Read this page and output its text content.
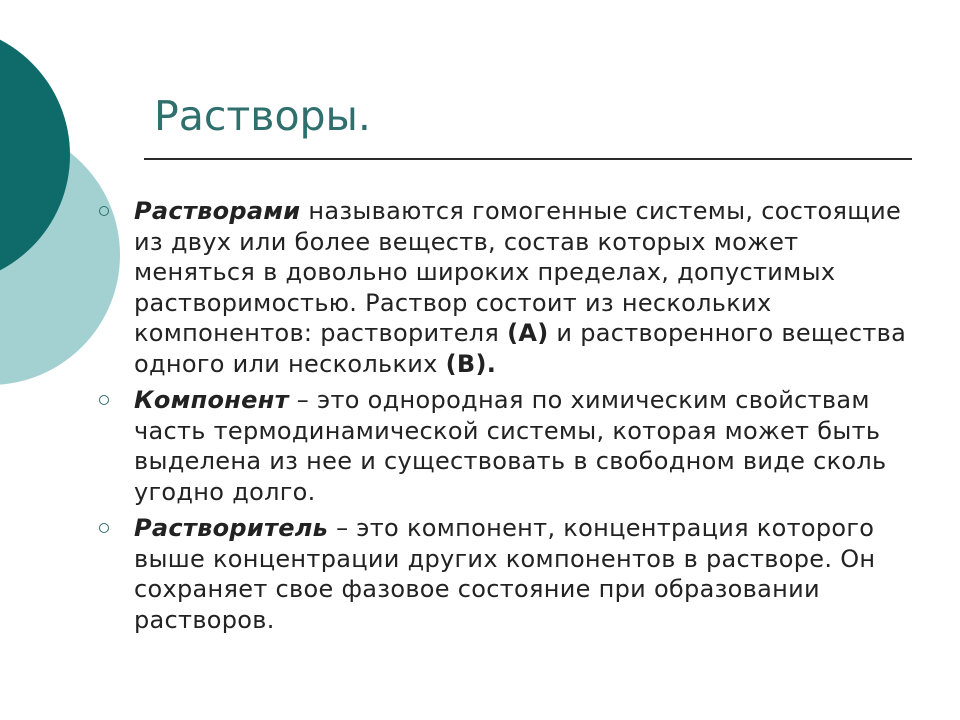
Растворы.
Растворами называются гомогенные системы, состоящие из двух или более веществ, состав которых может меняться в довольно широких пределах, допустимых растворимостью. Раствор состоит из нескольких компонентов: растворителя (А) и растворенного вещества одного или нескольких (В).
Компонент – это однородная по химическим свойствам часть термодинамической системы, которая может быть выделена из нее и существовать в свободном виде сколь угодно долго.
Растворитель – это компонент, концентрация которого выше концентрации других компонентов в растворе. Он сохраняет свое фазовое состояние при образовании растворов.
